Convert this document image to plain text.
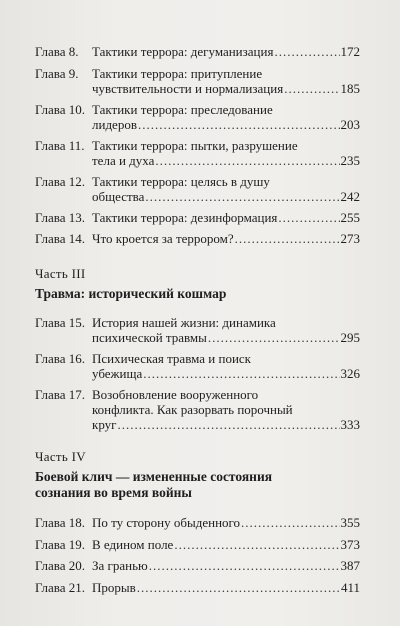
Глава 8. Тактики террора: дегуманизация .....	172
Глава 9. Тактики террора: притупление
чувствительности и нормализация .....	185
Глава 10. Тактики террора: преследование
лидеров .....	203
Глава 11. Тактики террора: пытки, разрушение
тела и духа .....	235
Глава 12. Тактики террора: целясь в душу
общества .....	242
Глава 13. Тактики террора: дезинформация .....	255
Глава 14. Что кроется за террором? .....	273
Часть III
Травма: исторический кошмар
Глава 15. История нашей жизни: динамика
психической травмы .....	295
Глава 16. Психическая травма и поиск
убежища .....	326
Глава 17. Возобновление вооруженного
конфликта. Как разорвать порочный
круг .....	333
Часть IV
Боевой клич — измененные состояния
сознания во время войны
Глава 18. По ту сторону обыденного .....	355
Глава 19. В едином поле .....	373
Глава 20. За гранью .....	387
Глава 21. Прорыв .....	411
